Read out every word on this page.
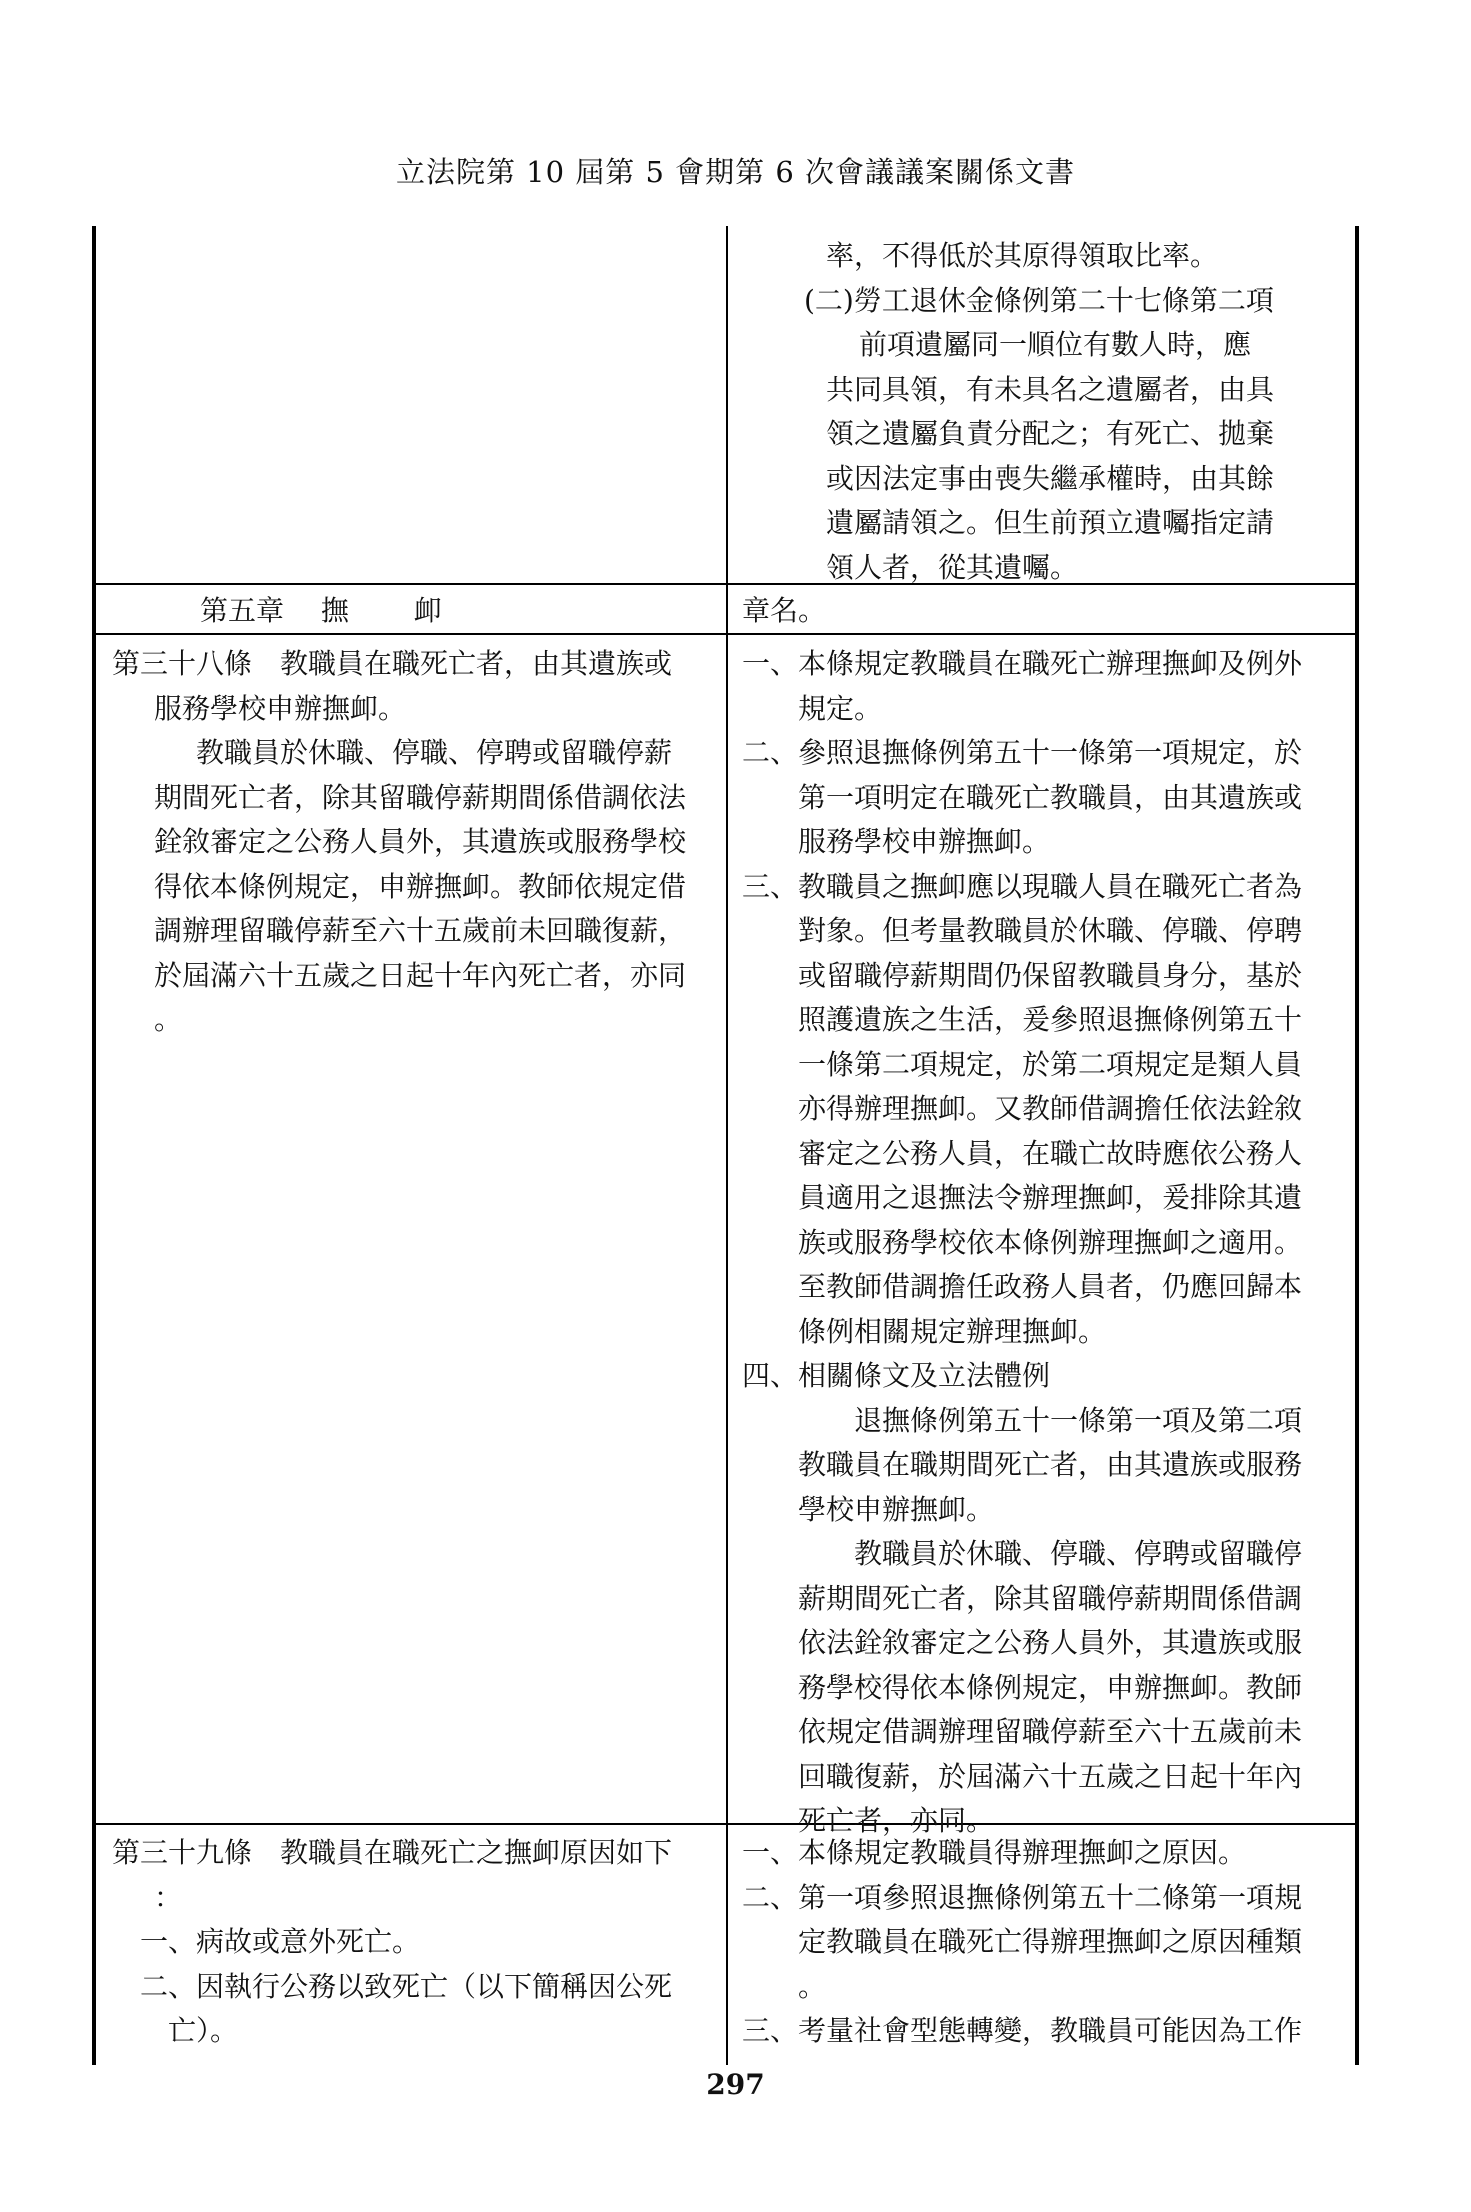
立法院第 10 屆第 5 會期第 6 次會議議案關係文書

率，不得低於其原得領取比率。

(二)勞工退休金條例第二十七條第二項

前項遺屬同一順位有數人時，應

共同具領，有未具名之遺屬者，由具

領之遺屬負責分配之；有死亡、拋棄

或因法定事由喪失繼承權時，由其餘

遺屬請領之。但生前預立遺囑指定請

領人者，從其遺囑。

第五章 撫 卹	章名。

第三十八條　教職員在職死亡者，由其遺族或

服務學校申辦撫卹。

教職員於休職、停職、停聘或留職停薪

期間死亡者，除其留職停薪期間係借調依法

銓敘審定之公務人員外，其遺族或服務學校

得依本條例規定，申辦撫卹。教師依規定借

調辦理留職停薪至六十五歲前未回職復薪，

於屆滿六十五歲之日起十年內死亡者，亦同

。

一、本條規定教職員在職死亡辦理撫卹及例外

規定。

二、參照退撫條例第五十一條第一項規定，於

第一項明定在職死亡教職員，由其遺族或

服務學校申辦撫卹。

三、教職員之撫卹應以現職人員在職死亡者為

對象。但考量教職員於休職、停職、停聘

或留職停薪期間仍保留教職員身分，基於

照護遺族之生活，爰參照退撫條例第五十

一條第二項規定，於第二項規定是類人員

亦得辦理撫卹。又教師借調擔任依法銓敘

審定之公務人員，在職亡故時應依公務人

員適用之退撫法令辦理撫卹，爰排除其遺

族或服務學校依本條例辦理撫卹之適用。

至教師借調擔任政務人員者，仍應回歸本

條例相關規定辦理撫卹。

四、相關條文及立法體例

退撫條例第五十一條第一項及第二項

教職員在職期間死亡者，由其遺族或服務

學校申辦撫卹。

教職員於休職、停職、停聘或留職停

薪期間死亡者，除其留職停薪期間係借調

依法銓敘審定之公務人員外，其遺族或服

務學校得依本條例規定，申辦撫卹。教師

依規定借調辦理留職停薪至六十五歲前未

回職復薪，於屆滿六十五歲之日起十年內

死亡者，亦同。

第三十九條　教職員在職死亡之撫卹原因如下

：

一、病故或意外死亡。

二、因執行公務以致死亡（以下簡稱因公死

亡）。

一、本條規定教職員得辦理撫卹之原因。

二、第一項參照退撫條例第五十二條第一項規

定教職員在職死亡得辦理撫卹之原因種類

。

三、考量社會型態轉變，教職員可能因為工作

297
